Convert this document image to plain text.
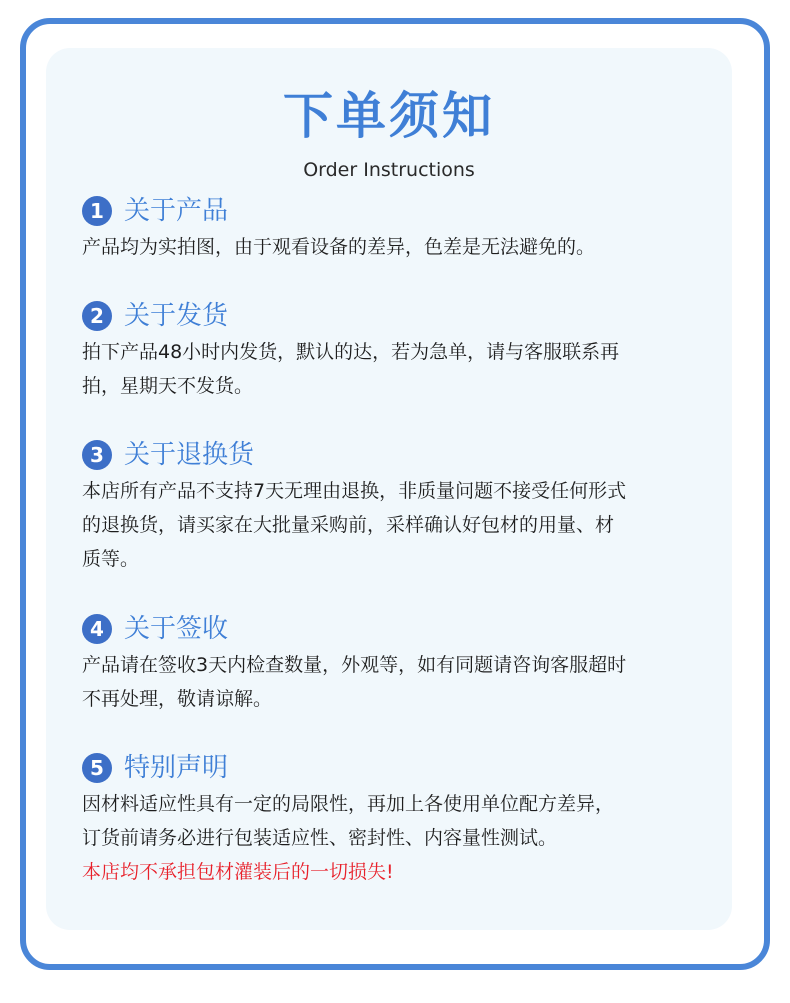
下单须知
Order Instructions
1 关于产品
产品均为实拍图，由于观看设备的差异，色差是无法避免的。
2 关于发货
拍下产品48小时内发货，默认的达，若为急单，请与客服联系再
拍，星期天不发货。
3 关于退换货
本店所有产品不支持7天无理由退换，非质量问题不接受任何形式
的退换货，请买家在大批量采购前，采样确认好包材的用量、材
质等。
4 关于签收
产品请在签收3天内检查数量，外观等，如有同题请咨询客服超时
不再处理，敬请谅解。
5 特别声明
因材料适应性具有一定的局限性，再加上各使用单位配方差异，
订货前请务必进行包装适应性、密封性、内容量性测试。
本店均不承担包材灌装后的一切损失!
